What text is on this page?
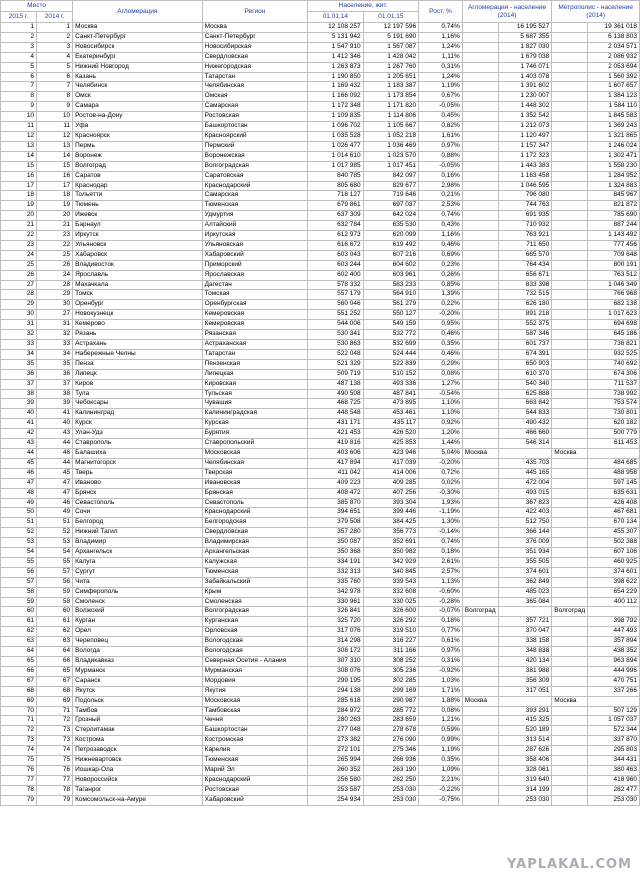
Место		Агломерация	Регион	Население, жит.		Рост, %	Агломерация - население (2014)		Метрополис - население (2014)	
2015 г.	2014 г.			01.01.14	01.01.15					
1	1	Москва	Москва	12 108 257	12 197 596	0,74%		16 195 527		19 361 018
2	2	Санкт-Петербург	Санкт-Петербург	5 131 942	5 191 690	1,16%		5 687 355		6 138 803
3	3	Новосибирск	Новосибирская	1 547 910	1 567 087	1,24%		1 827 030		2 034 571
4	4	Екатеринбург	Свердловская	1 412 346	1 428 042	1,11%		1 679 038		2 086 932
5	5	Нижний Новгород	Нижегородская	1 263 873	1 267 760	0,31%		1 746 071		2 053 694
6	6	Казань	Татарстан	1 190 850	1 205 651	1,24%		1 403 078		1 560 392
7	7	Челябинск	Челябинская	1 169 432	1 183 387	1,19%		1 391 602		1 607 657
8	8	Омск	Омская	1 166 092	1 173 854	0,67%		1 230 007		1 384 123
9	9	Самара	Самарская	1 172 348	1 171 820	-0,05%		1 448 302		1 584 110
10	10	Ростов-на-Дону	Ростовская	1 109 835	1 114 806	0,45%		1 352 542		1 845 583
11	11	Уфа	Башкортостан	1 096 702	1 105 667	0,82%		1 212 073		1 369 243
12	12	Красноярск	Красноярский	1 035 528	1 052 218	1,61%		1 120 497		1 321 865
13	13	Пермь	Пермский	1 026 477	1 036 469	0,97%		1 157 347		1 246 024
14	14	Воронеж	Воронежская	1 014 610	1 023 570	0,88%		1 172 323		1 302 471
15	15	Волгоград	Волгоградская	1 017 985	1 017 451	-0,05%		1 443 383		1 558 230
16	16	Саратов	Саратовская	840 785	842 097	0,16%		1 163 458		1 284 952
17	17	Краснодар	Краснодарский	805 680	829 677	2,98%		1 046 595		1 324 883
18	18	Тольятти	Самарская	718 127	719 646	0,21%		796 080		845 967
19	19	Тюмень	Тюменская	679 861	697 037	2,53%		744 763		821 872
20	20	Ижевск	Удмуртия	637 309	642 024	0,74%		691 935		785 690
21	21	Барнаул	Алтайский	632 784	635 530	0,43%		710 932		887 244
22	23	Иркутск	Иркутская	612 973	620 099	1,16%		763 921		1 143 492
23	22	Ульяновск	Ульяновская	616 672	619 492	0,46%		711 650		777 456
24	25	Хабаровск	Хабаровский	603 043	607 216	0,69%		665 570		709 648
25	26	Владивосток	Приморский	603 244	604 602	0,23%		764 434		800 191
26	24	Ярославль	Ярославская	602 400	603 961	0,26%		656 671		763 512
27	28	Махачкала	Дагестан	578 332	583 233	0,85%		833 398		1 046 349
28	29	Томск	Томская	557 179	564 910	1,39%		732 515		766 968
29	30	Оренбург	Оренбургская	560 046	561 279	0,22%		626 180		682 138
30	27	Новокузнецк	Кемеровская	551 252	550 127	-0,20%		891 218		1 017 623
31	31	Кемерово	Кемеровская	544 006	549 159	0,95%		552 375		694 698
32	32	Рязань	Рязанская	530 341	532 772	0,46%		587 346		645 186
33	33	Астрахань	Астраханская	530 863	532 699	0,35%		601 737		736 821
34	34	Набережные Челны	Татарстан	522 048	524 444	0,46%		674 391		932 525
35	35	Пенза	Пензенская	521 329	522 839	0,29%		650 903		740 692
36	36	Липецк	Липецкая	509 719	510 152	0,08%		610 370		674 306
37	37	Киров	Кировская	487 138	493 336	1,27%		540 340		711 537
38	38	Тула	Тульская	490 508	487 841	-0,54%		625 888		738 992
39	39	Чебоксары	Чувашия	468 725	473 895	1,10%		663 842		753 574
40	41	Калининград	Калининградская	448 548	453 461	1,10%		544 833		730 801
41	40	Курск	Курская	431 171	435 117	0,92%		490 432		620 182
42	43	Улан-Удэ	Бурятия	421 453	426 520	1,20%		466 660		500 779
43	44	Ставрополь	Ставропольский	419 816	425 853	1,44%		546 314		611 453
44	46	Балашиха	Московская	403 606	423 946	5,04%	Москва		Москва	
45	44	Магнитогорск	Челябинская	417 894	417 039	-0,20%		435 703		484 685
46	45	Тверь	Тверская	411 042	414 006	0,72%		445 165		488 958
47	47	Иваново	Ивановская	409 223	409 285	0,02%		472 004		597 145
48	47	Брянск	Брянская	408 472	407 256	-0,30%		493 015		635 631
49	46	Севастополь	Севастополь	385 870	393 304	1,93%		367 823		426 408
50	49	Сочи	Краснодарский	394 651	399 446	-1,19%		422 403		467 681
51	51	Белгород	Белгородская	379 508	384 425	1,30%		512 750		670 134
52	52	Нижний Тагил	Свердловская	357 280	356 773	-0,14%		366 144		455 307
53	53	Владимир	Владимирская	350 087	352 691	0,74%		376 009		502 388
54	54	Архангельск	Архангельская	350 368	350 982	0,18%		351 934		607 106
55	55	Калуга	Калужская	334 191	342 929	2,61%		355 505		460 925
56	57	Сургут	Тюменская	332 313	340 845	2,57%		374 601		374 601
57	56	Чита	Забайкальский	335 760	339 543	1,13%		362 849		398 622
58	59	Симферополь	Крым	342 978	332 608	-0,60%		485 023		654 229
59	58	Смоленск	Смоленская	330 961	330 025	-0,28%		365 084		400 112
60	60	Волжский	Волгоградская	326 841	326 600	-0,07%	Волгоград		Волгоград	
61	61	Курган	Курганская	325 720	326 292	0,18%		357 721		398 792
62	62	Орел	Орловская	317 076	319 510	0,77%		370 047		447 493
63	63	Череповец	Вологодская	314 298	316 227	0,61%		338 158		357 894
64	64	Вологда	Вологодская	308 172	311 166	0,97%		348 838		438 352
65	66	Владикавказ	Северная Осетия - Алания	307 310	308 252	0,31%		420 134		963 894
66	65	Мурманск	Мурманская	308 076	305 236	-0,92%		381 988		444 996
67	67	Саранск	Мордовия	299 195	302 285	1,03%		356 309		470 751
68	68	Якутск	Якутия	294 138	299 169	1,71%		317 051		337 266
69	69	Подольск	Московская	285 618	290 987	1,88%	Москва		Москва	
70	71	Тамбов	Тамбовская	284 972	285 772	0,08%		393 291		507 129
71	72	Грозный	Чечня	280 263	283 659	1,21%		415 325		1 057 037
72	73	Стерлитамак	Башкортостан	277 048	278 678	0,59%		520 189		572 344
73	73	Кострома	Костромская	273 382	276 090	0,99%		313 514		337 870
74	74	Петрозаводск	Карелия	272 101	275 346	1,19%		287 626		295 803
75	75	Нижневартовск	Тюменская	265 994	266 936	0,35%		358 406		344 431
76	76	Йошкар-Ола	Марий Эл	260 352	263 190	1,09%		328 061		380 463
77	77	Новороссийск	Краснодарский	256 580	262 250	2,21%		319 640		418 960
78	78	Таганрог	Ростовская	253 587	253 030	-0,22%		314 199		282 477
79	79	Комсомольск-на-Амуре	Хабаровский	254 934	253 030	-0,75%		253 030		253 030
YAPLAKAL.COM
